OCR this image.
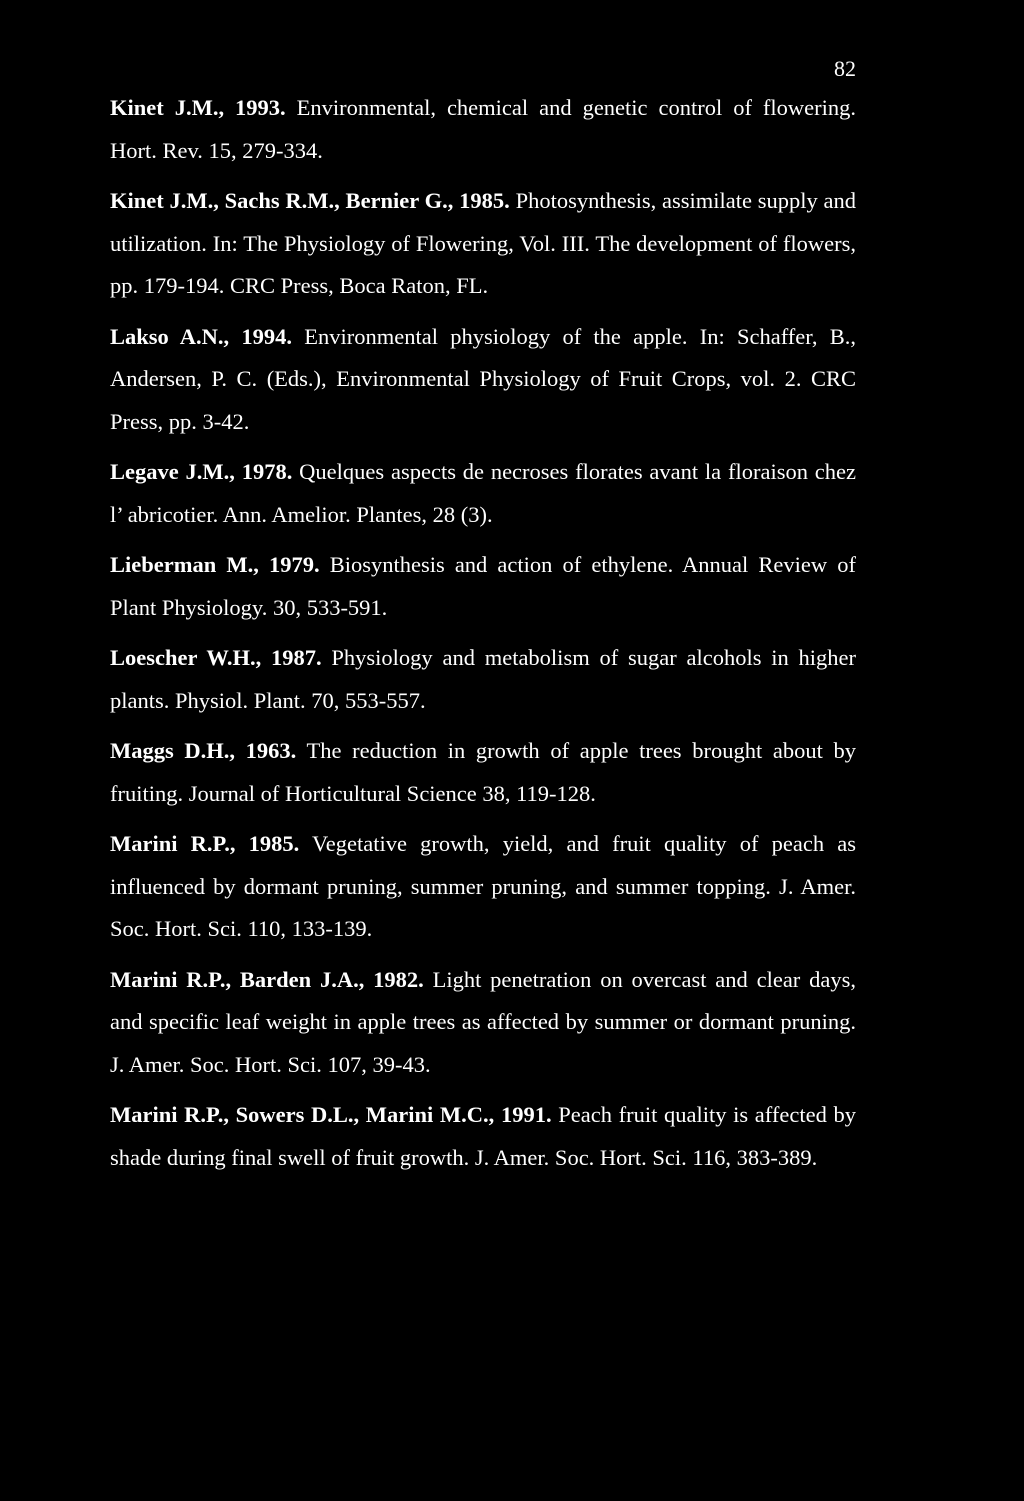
82

Kinet J.M., 1993. Environmental, chemical and genetic control of flowering. Hort. Rev. 15, 279-334.

Kinet J.M., Sachs R.M., Bernier G., 1985. Photosynthesis, assimilate supply and utilization. In: The Physiology of Flowering, Vol. III. The development of flowers, pp. 179-194. CRC Press, Boca Raton, FL.

Lakso A.N., 1994. Environmental physiology of the apple. In: Schaffer, B., Andersen, P. C. (Eds.), Environmental Physiology of Fruit Crops, vol. 2. CRC Press, pp. 3-42.

Legave J.M., 1978. Quelques aspects de necroses florates avant la floraison chez l’ abricotier. Ann. Amelior. Plantes, 28 (3).

Lieberman M., 1979. Biosynthesis and action of ethylene. Annual Review of Plant Physiology. 30, 533-591.

Loescher W.H., 1987. Physiology and metabolism of sugar alcohols in higher plants. Physiol. Plant. 70, 553-557.

Maggs D.H., 1963. The reduction in growth of apple trees brought about by fruiting. Journal of Horticultural Science 38, 119-128.

Marini R.P., 1985. Vegetative growth, yield, and fruit quality of peach as influenced by dormant pruning, summer pruning, and summer topping. J. Amer. Soc. Hort. Sci. 110, 133-139.

Marini R.P., Barden J.A., 1982. Light penetration on overcast and clear days, and specific leaf weight in apple trees as affected by summer or dormant pruning. J. Amer. Soc. Hort. Sci. 107, 39-43.

Marini R.P., Sowers D.L., Marini M.C., 1991. Peach fruit quality is affected by shade during final swell of fruit growth. J. Amer. Soc. Hort. Sci. 116, 383-389.
